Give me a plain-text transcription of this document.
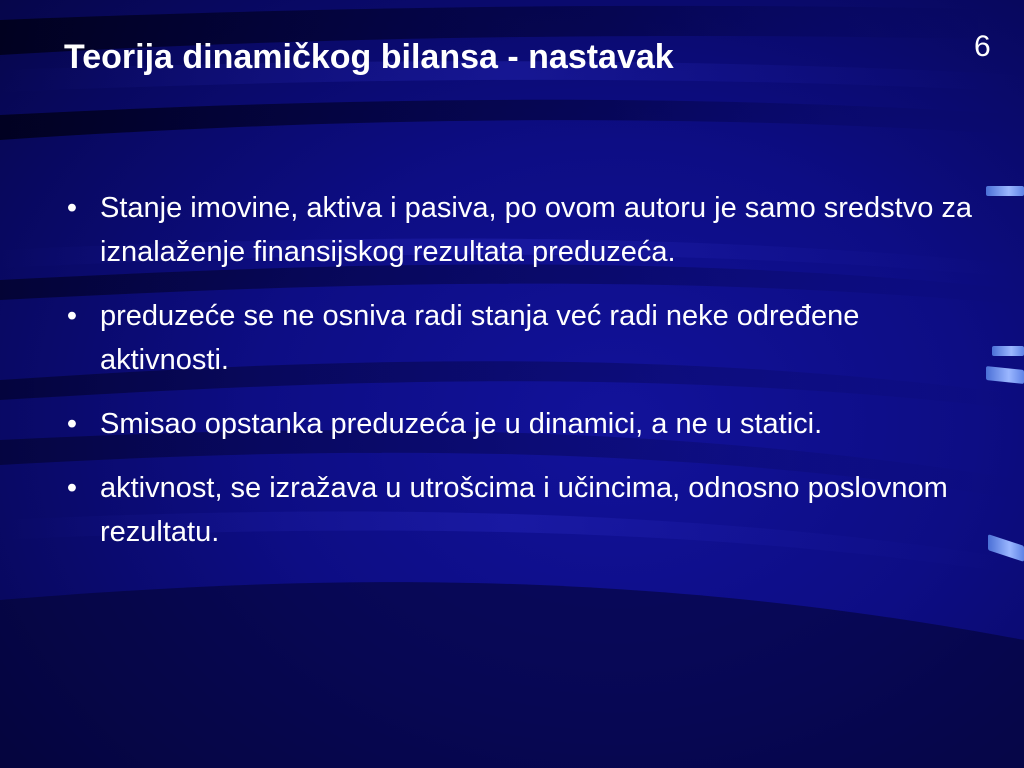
Teorija dinamičkog bilansa - nastavak	6
• Stanje imovine, aktiva i pasiva, po ovom autoru je samo sredstvo za iznalaženje finansijskog rezultata preduzeća.
• preduzeće se ne osniva radi stanja već radi neke određene aktivnosti.
• Smisao opstanka preduzeća je u dinamici, a ne u statici.
• aktivnost, se izražava u utrošcima i učincima, odnosno poslovnom rezultatu.
